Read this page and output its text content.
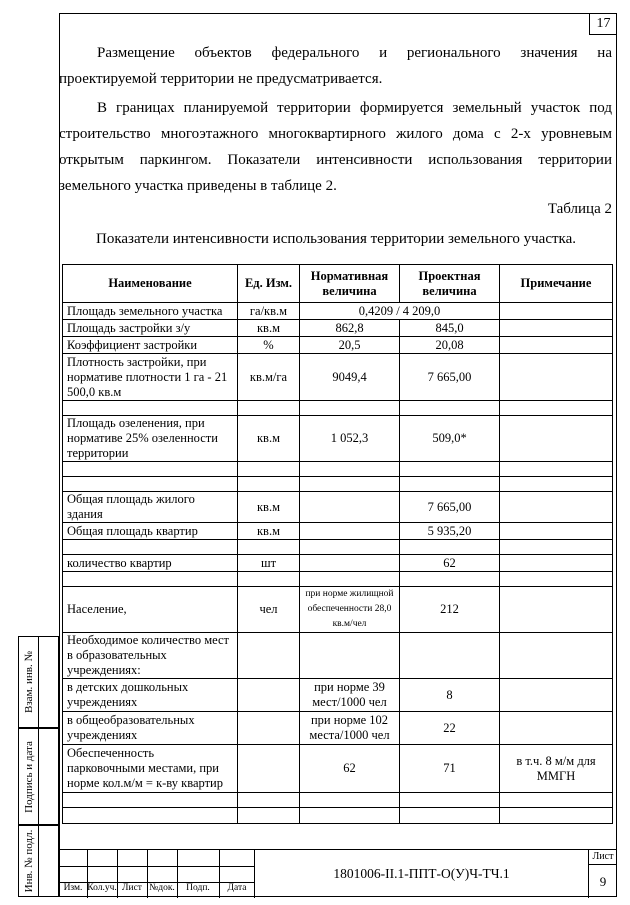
17
Размещение объектов федерального и регионального значения на
проектируемой территории не предусматривается.
В границах планируемой территории формируется земельный участок под
строительство многоэтажного многоквартирного жилого дома с 2-х уровневым
открытым паркингом. Показатели интенсивности использования территории
земельного участка приведены в таблице 2.
Таблица 2
Показатели интенсивности использования территории земельного участка.
Наименование	Ед. Изм.	Нормативная величина	Проектная величина	Примечание
Площадь земельного участка	га/кв.м	0,4209 / 4 209,0		
Площадь застройки з/у	кв.м	862,8	845,0	
Коэффициент застройки	%	20,5	20,08	
Плотность застройки, при нормативе плотности 1 га - 21 500,0 кв.м	кв.м/га	9049,4	7 665,00	

Площадь озеленения, при нормативе 25% озеленности территории	кв.м	1 052,3	509,0*	

Общая площадь жилого здания	кв.м		7 665,00	
Общая площадь квартир	кв.м		5 935,20	

количество квартир	шт		62	

Население,	чел	при норме жилищной обеспеченности 28,0 кв.м/чел	212	
Необходимое количество мест в образовательных учреждениях:				
в детских дошкольных учреждениях		при норме 39 мест/1000 чел	8	
в общеобразовательных учреждениях		при норме 102 места/1000 чел	22	
Обеспеченность парковочными местами, при норме кол.м/м = к-ву квартир		62	71	в т.ч. 8 м/м для ММГН

Взам. инв. №
Подпись и дата
Инв. № подл.	Изм. Кол.уч. Лист №док.	Подп.	Дата
1801006-II.1-ППТ-О(У)Ч-ТЧ.1
Лист
9
